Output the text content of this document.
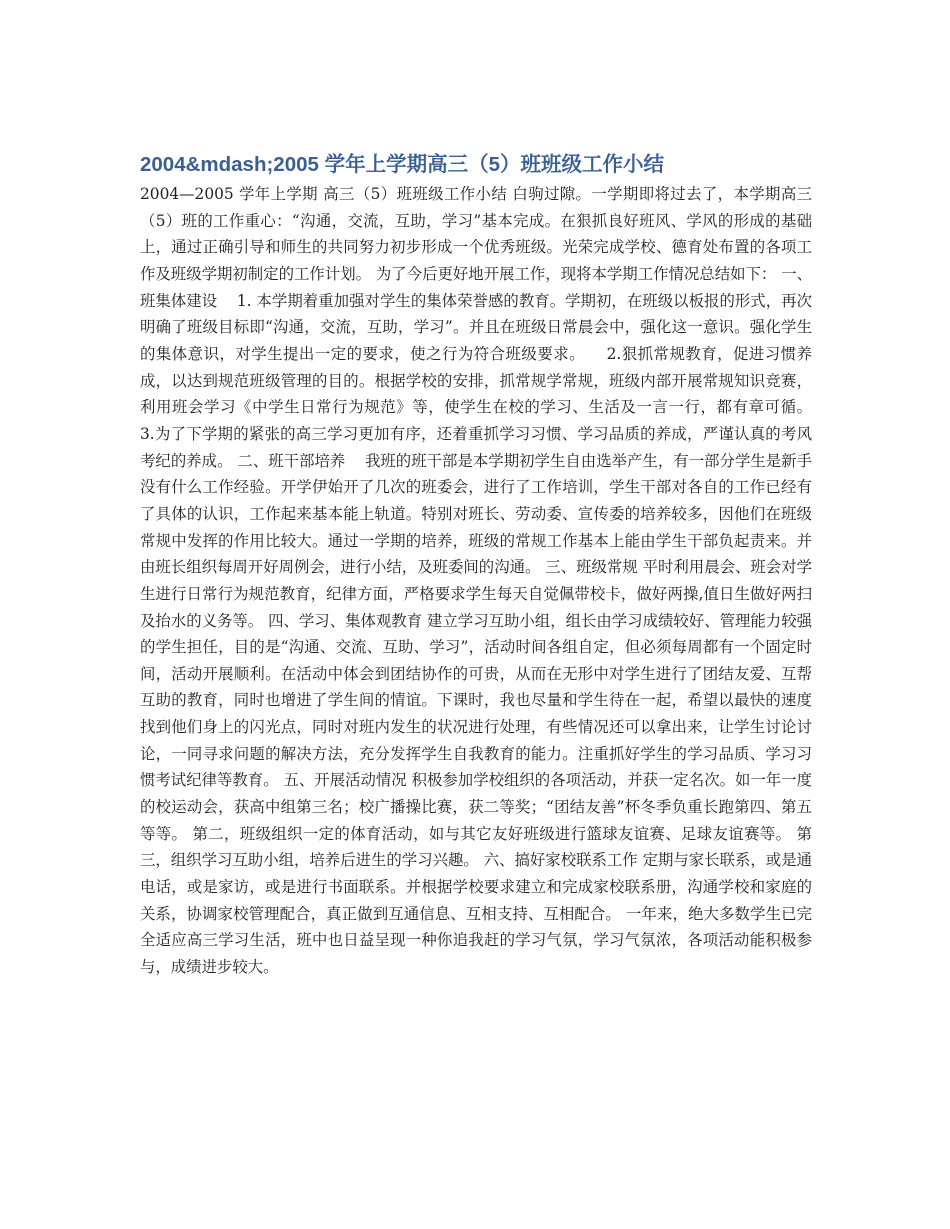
2004&mdash;2005 学年上学期高三（5）班班级工作小结

2004—2005 学年上学期 高三（5）班班级工作小结 白驹过隙。一学期即将过去了，本学期高三（5）班的工作重心：“沟通，交流，互助，学习”基本完成。在狠抓良好班风、学风的形成的基础上，通过正确引导和师生的共同努力初步形成一个优秀班级。光荣完成学校、德育处布置的各项工作及班级学期初制定的工作计划。 为了今后更好地开展工作，现将本学期工作情况总结如下： 一、班集体建设    1. 本学期着重加强对学生的集体荣誉感的教育。学期初，在班级以板报的形式，再次明确了班级目标即“沟通，交流，互助，学习”。并且在班级日常晨会中，强化这一意识。强化学生的集体意识，对学生提出一定的要求，使之行为符合班级要求。    2.狠抓常规教育，促进习惯养成，以达到规范班级管理的目的。根据学校的安排，抓常规学常规，班级内部开展常规知识竞赛，利用班会学习《中学生日常行为规范》等，使学生在校的学习、生活及一言一行，都有章可循。    3.为了下学期的紧张的高三学习更加有序，还着重抓学习习惯、学习品质的养成，严谨认真的考风考纪的养成。 二、班干部培养    我班的班干部是本学期初学生自由选举产生，有一部分学生是新手没有什么工作经验。开学伊始开了几次的班委会，进行了工作培训，学生干部对各自的工作已经有了具体的认识，工作起来基本能上轨道。特别对班长、劳动委、宣传委的培养较多，因他们在班级常规中发挥的作用比较大。通过一学期的培养，班级的常规工作基本上能由学生干部负起责来。并由班长组织每周开好周例会，进行小结，及班委间的沟通。 三、班级常规 平时利用晨会、班会对学生进行日常行为规范教育，纪律方面，严格要求学生每天自觉佩带校卡，做好两操,值日生做好两扫及抬水的义务等。 四、学习、集体观教育 建立学习互助小组，组长由学习成绩较好、管理能力较强的学生担任，目的是“沟通、交流、互助、学习”，活动时间各组自定，但必须每周都有一个固定时间，活动开展顺利。在活动中体会到团结协作的可贵，从而在无形中对学生进行了团结友爱、互帮互助的教育，同时也增进了学生间的情谊。下课时，我也尽量和学生待在一起，希望以最快的速度找到他们身上的闪光点，同时对班内发生的状况进行处理，有些情况还可以拿出来，让学生讨论讨论，一同寻求问题的解决方法，充分发挥学生自我教育的能力。注重抓好学生的学习品质、学习习惯考试纪律等教育。 五、开展活动情况 积极参加学校组织的各项活动，并获一定名次。如一年一度的校运动会，获高中组第三名；校广播操比赛，获二等奖；“团结友善”杯冬季负重长跑第四、第五等等。 第二，班级组织一定的体育活动，如与其它友好班级进行篮球友谊赛、足球友谊赛等。 第三，组织学习互助小组，培养后进生的学习兴趣。 六、搞好家校联系工作 定期与家长联系，或是通电话，或是家访，或是进行书面联系。并根据学校要求建立和完成家校联系册，沟通学校和家庭的关系，协调家校管理配合，真正做到互通信息、互相支持、互相配合。 一年来，绝大多数学生已完全适应高三学习生活，班中也日益呈现一种你追我赶的学习气氛，学习气氛浓，各项活动能积极参与，成绩进步较大。
